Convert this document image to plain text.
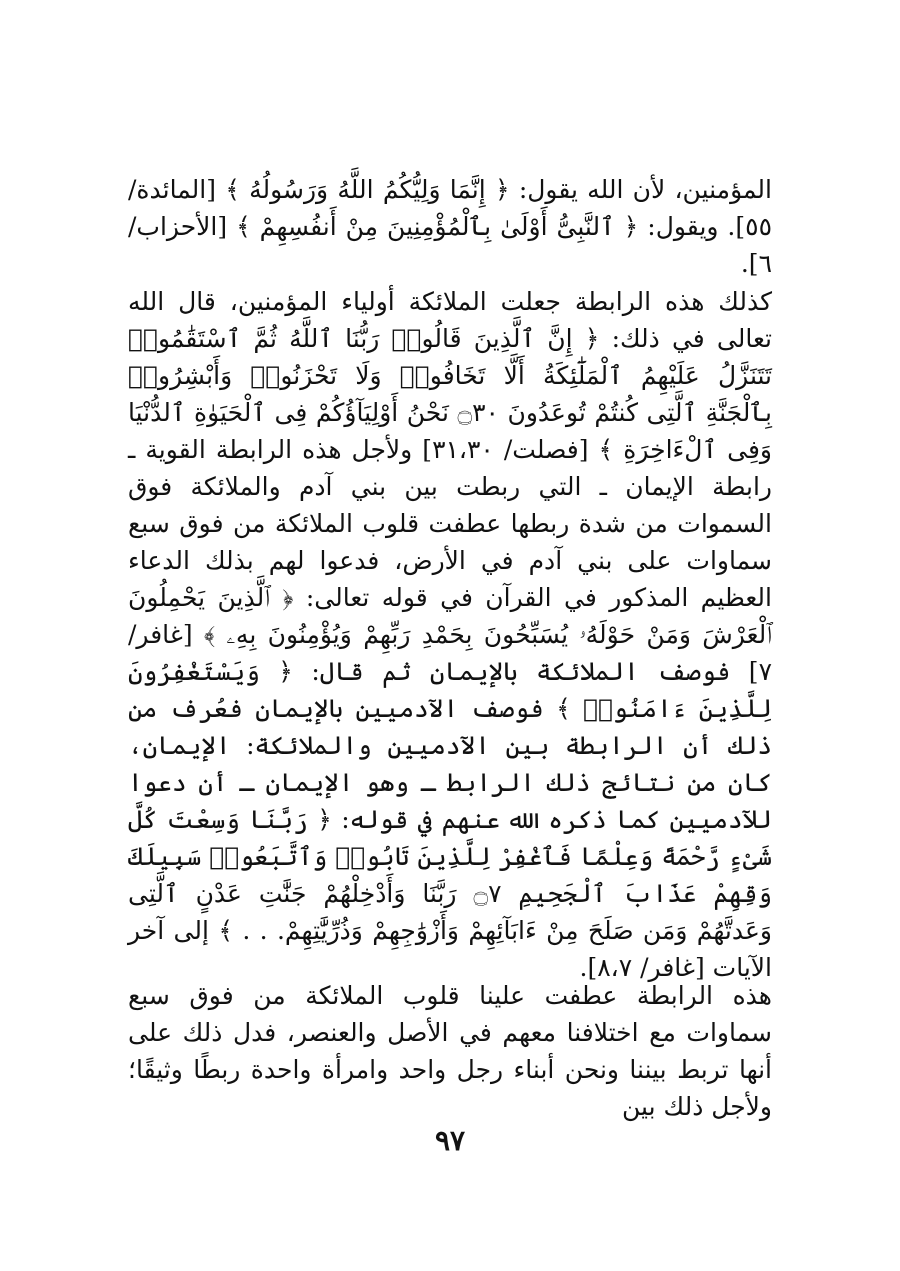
المؤمنين، لأن الله يقول: ﴿ إِنَّمَا وَلِيُّكُمُ اللَّهُ وَرَسُولُهُ ﴾ [المائدة/ ٥٥]. ويقول: ﴿ ٱلنَّبِىُّ أَوْلَىٰ بِٱلْمُؤْمِنِينَ مِنْ أَنفُسِهِمْ ﴾ [الأحزاب/ ٦].

كذلك هذه الرابطة جعلت الملائكة أولياء المؤمنين، قال الله تعالى في ذلك: ﴿ إِنَّ ٱلَّذِينَ قَالُوا۟ رَبُّنَا ٱللَّهُ ثُمَّ ٱسْتَقَٰمُوا۟ تَتَنَزَّلُ عَلَيْهِمُ ٱلْمَلَٰٓئِكَةُ أَلَّا تَخَافُوا۟ وَلَا تَحْزَنُوا۟ وَأَبْشِرُوا۟ بِٱلْجَنَّةِ ٱلَّتِى كُنتُمْ تُوعَدُونَ ۝٣٠ نَحْنُ أَوْلِيَآؤُكُمْ فِى ٱلْحَيَوٰةِ ٱلدُّنْيَا وَفِى ٱلْءَاخِرَةِ ﴾ [فصلت/ ٣١،٣٠] ولأجل هذه الرابطة القوية ـ رابطة الإيمان ـ التي ربطت بين بني آدم والملائكة فوق السموات من شدة ربطها عطفت قلوب الملائكة من فوق سبع سماوات على بني آدم في الأرض، فدعوا لهم بذلك الدعاء العظيم المذكور في القرآن في قوله تعالى: ﴿ ٱلَّذِينَ يَحْمِلُونَ ٱلْعَرْشَ وَمَنْ حَوْلَهُۥ يُسَبِّحُونَ بِحَمْدِ رَبِّهِمْ وَيُؤْمِنُونَ بِهِۦ ﴾ [غافر/ ٧] فوصف الملائكة بالإيمان ثم قال: ﴿ وَيَسْتَغْفِرُونَ لِلَّذِينَ ءَامَنُوا۟ ﴾ فوصف الآدميين بالإيمان فعُرف من ذلك أن الرابطة بين الآدميين والملائكة: الإيمان، كان من نتائج ذلك الرابط ـ وهو الإيمان ـ أن دعوا للآدميين كما ذكره الله عنهم في قوله: ﴿ رَبَّنَا وَسِعْتَ كُلَّ شَىْءٍ رَّحْمَةً وَعِلْمًا فَٱغْفِرْ لِلَّذِينَ تَابُوا۟ وَٱتَّبَعُوا۟ سَبِيلَكَ وَقِهِمْ عَذَابَ ٱلْجَحِيمِ ۝٧ رَبَّنَا وَأَدْخِلْهُمْ جَنَّٰتِ عَدْنٍ ٱلَّتِى وَعَدتَّهُمْ وَمَن صَلَحَ مِنْ ءَابَآئِهِمْ وَأَزْوَٰجِهِمْ وَذُرِّيَّٰتِهِمْ. . . ﴾ إلى آخر الآيات [غافر/ ٨،٧].

هذه الرابطة عطفت علينا قلوب الملائكة من فوق سبع سماوات مع اختلافنا معهم في الأصل والعنصر، فدل ذلك على أنها تربط بيننا ونحن أبناء رجل واحد وامرأة واحدة ربطًا وثيقًا؛ ولأجل ذلك بين

٩٧
